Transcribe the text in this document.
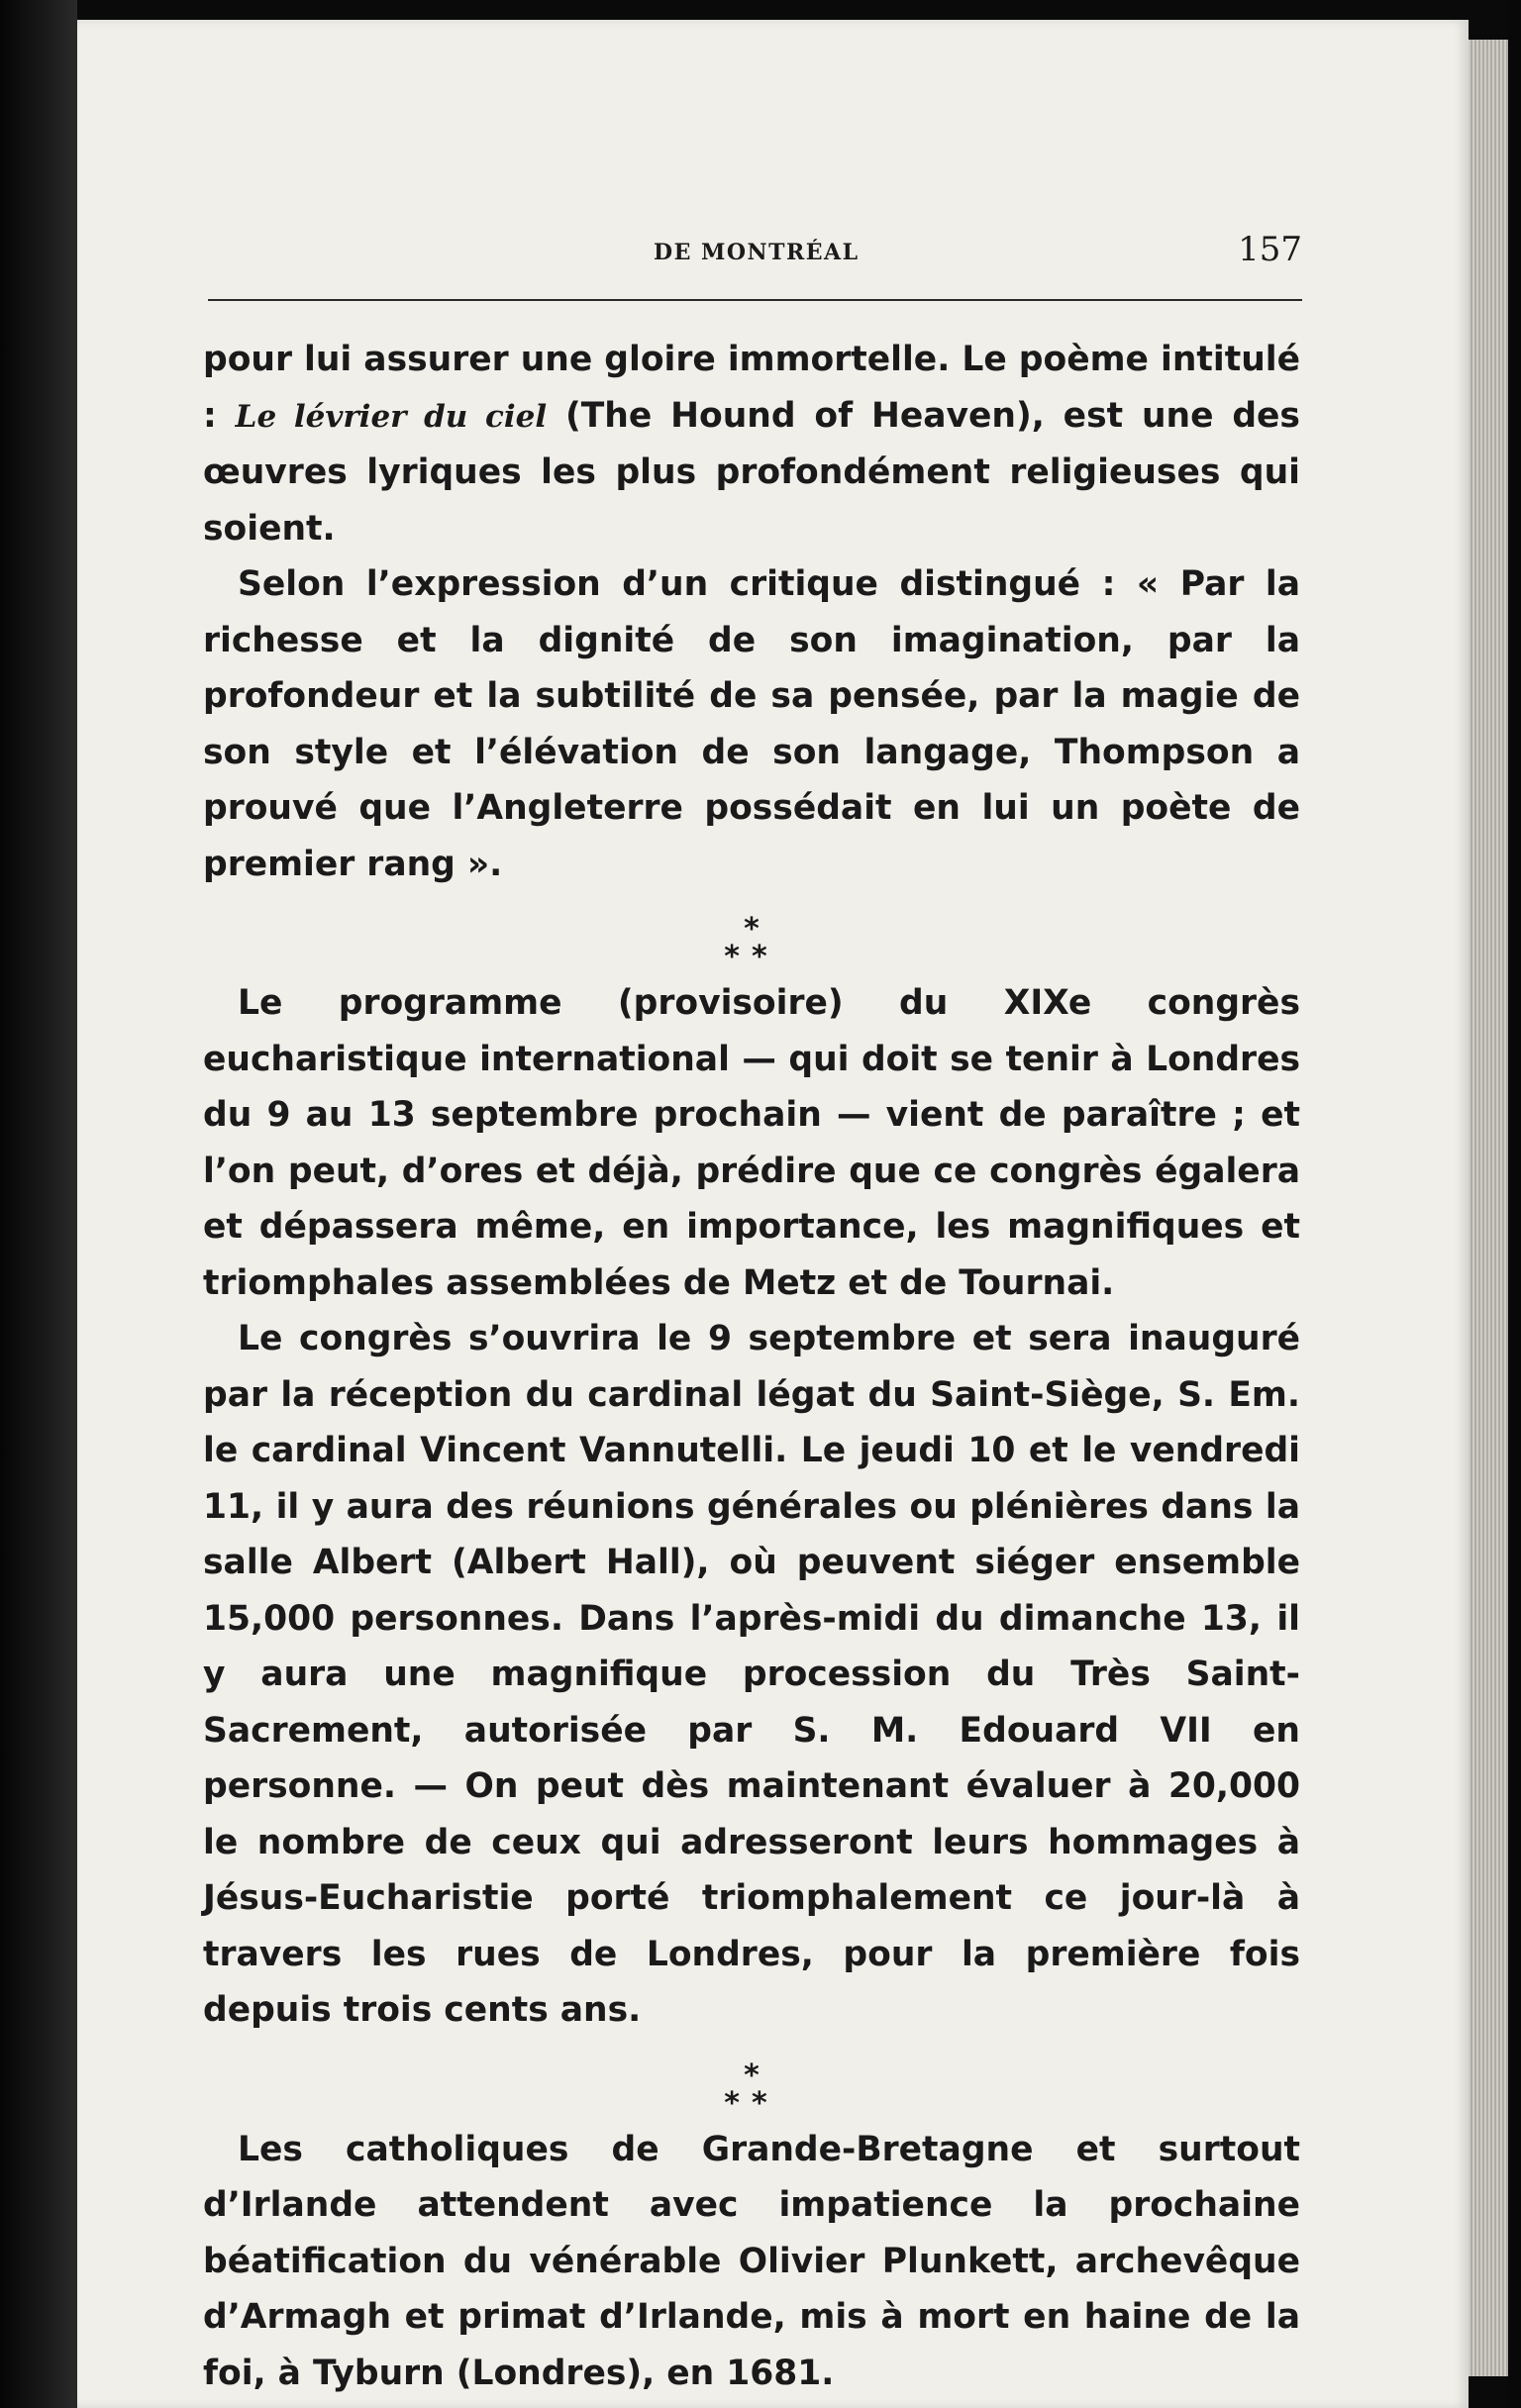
DE MONTRÉAL	157

pour lui assurer une gloire immortelle. Le poème intitulé : Le lévrier du ciel (The Hound of Heaven), est une des œuvres lyriques les plus profondément religieuses qui soient.

Selon l’expression d’un critique distingué : « Par la richesse et la dignité de son imagination, par la profondeur et la subtilité de sa pensée, par la magie de son style et l’élévation de son langage, Thompson a prouvé que l’Angleterre possédait en lui un poète de premier rang ».

*
**

Le programme (provisoire) du XIXe congrès eucharistique international — qui doit se tenir à Londres du 9 au 13 septembre prochain — vient de paraître ; et l’on peut, d’ores et déjà, prédire que ce congrès égalera et dépassera même, en importance, les magnifiques et triomphales assemblées de Metz et de Tournai.

Le congrès s’ouvrira le 9 septembre et sera inauguré par la réception du cardinal légat du Saint-Siège, S. Em. le cardinal Vincent Vannutelli. Le jeudi 10 et le vendredi 11, il y aura des réunions générales ou plénières dans la salle Albert (Albert Hall), où peuvent siéger ensemble 15,000 personnes. Dans l’après-midi du dimanche 13, il y aura une magnifique procession du Très Saint-Sacrement, autorisée par S. M. Edouard VII en personne. — On peut dès maintenant évaluer à 20,000 le nombre de ceux qui adresseront leurs hommages à Jésus-Eucharistie porté triomphalement ce jour-là à travers les rues de Londres, pour la première fois depuis trois cents ans.

*
**

Les catholiques de Grande-Bretagne et surtout d’Irlande attendent avec impatience la prochaine béatification du vénérable Olivier Plunkett, archevêque d’Armagh et primat d’Irlande, mis à mort en haine de la foi, à Tyburn (Londres), en 1681.
